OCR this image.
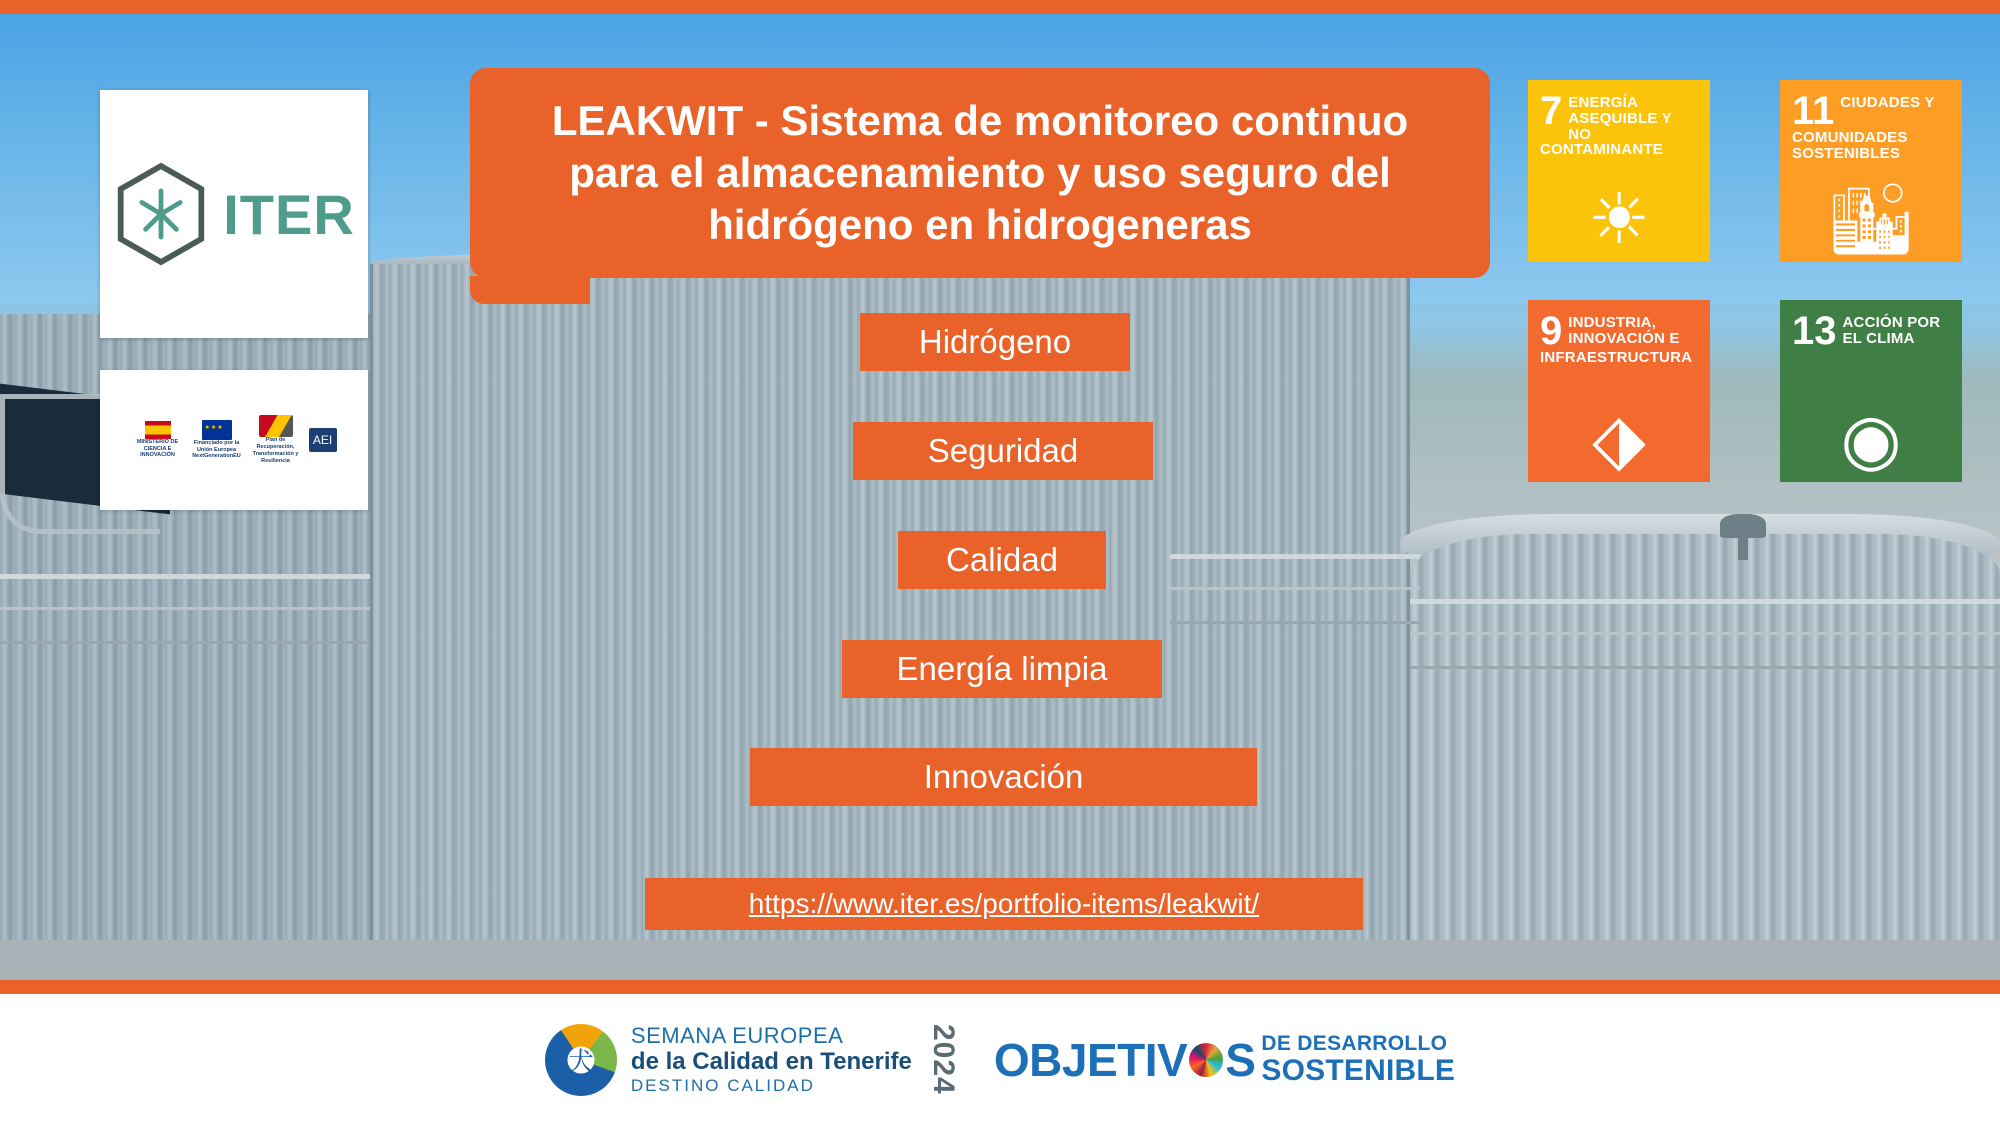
ITER
MINISTERIO DE CIENCIA E INNOVACIÓN
★★★
Financiado por la Unión Europea NextGenerationEU
Plan de Recuperación, Transformación y Resiliencia
AEI
LEAKWIT - Sistema de monitoreo continuo para el almacenamiento y uso seguro del hidrógeno en hidrogeneras
7 ENERGÍA ASEQUIBLE Y NO CONTAMINANTE
☀
11 CIUDADES Y COMUNIDADES SOSTENIBLES
🏙
9 INDUSTRIA, INNOVACIÓN E INFRAESTRUCTURA
⬗
13 ACCIÓN POR EL CLIMA
◉
Hidrógeno
Seguridad
Calidad
Energía limpia
Innovación
https://www.iter.es/portfolio-items/leakwit/
犬
SEMANA EUROPEA
de la Calidad en Tenerife
DESTINO CALIDAD	2024 OBJETIV S DE DESARROLLO
SOSTENIBLE
